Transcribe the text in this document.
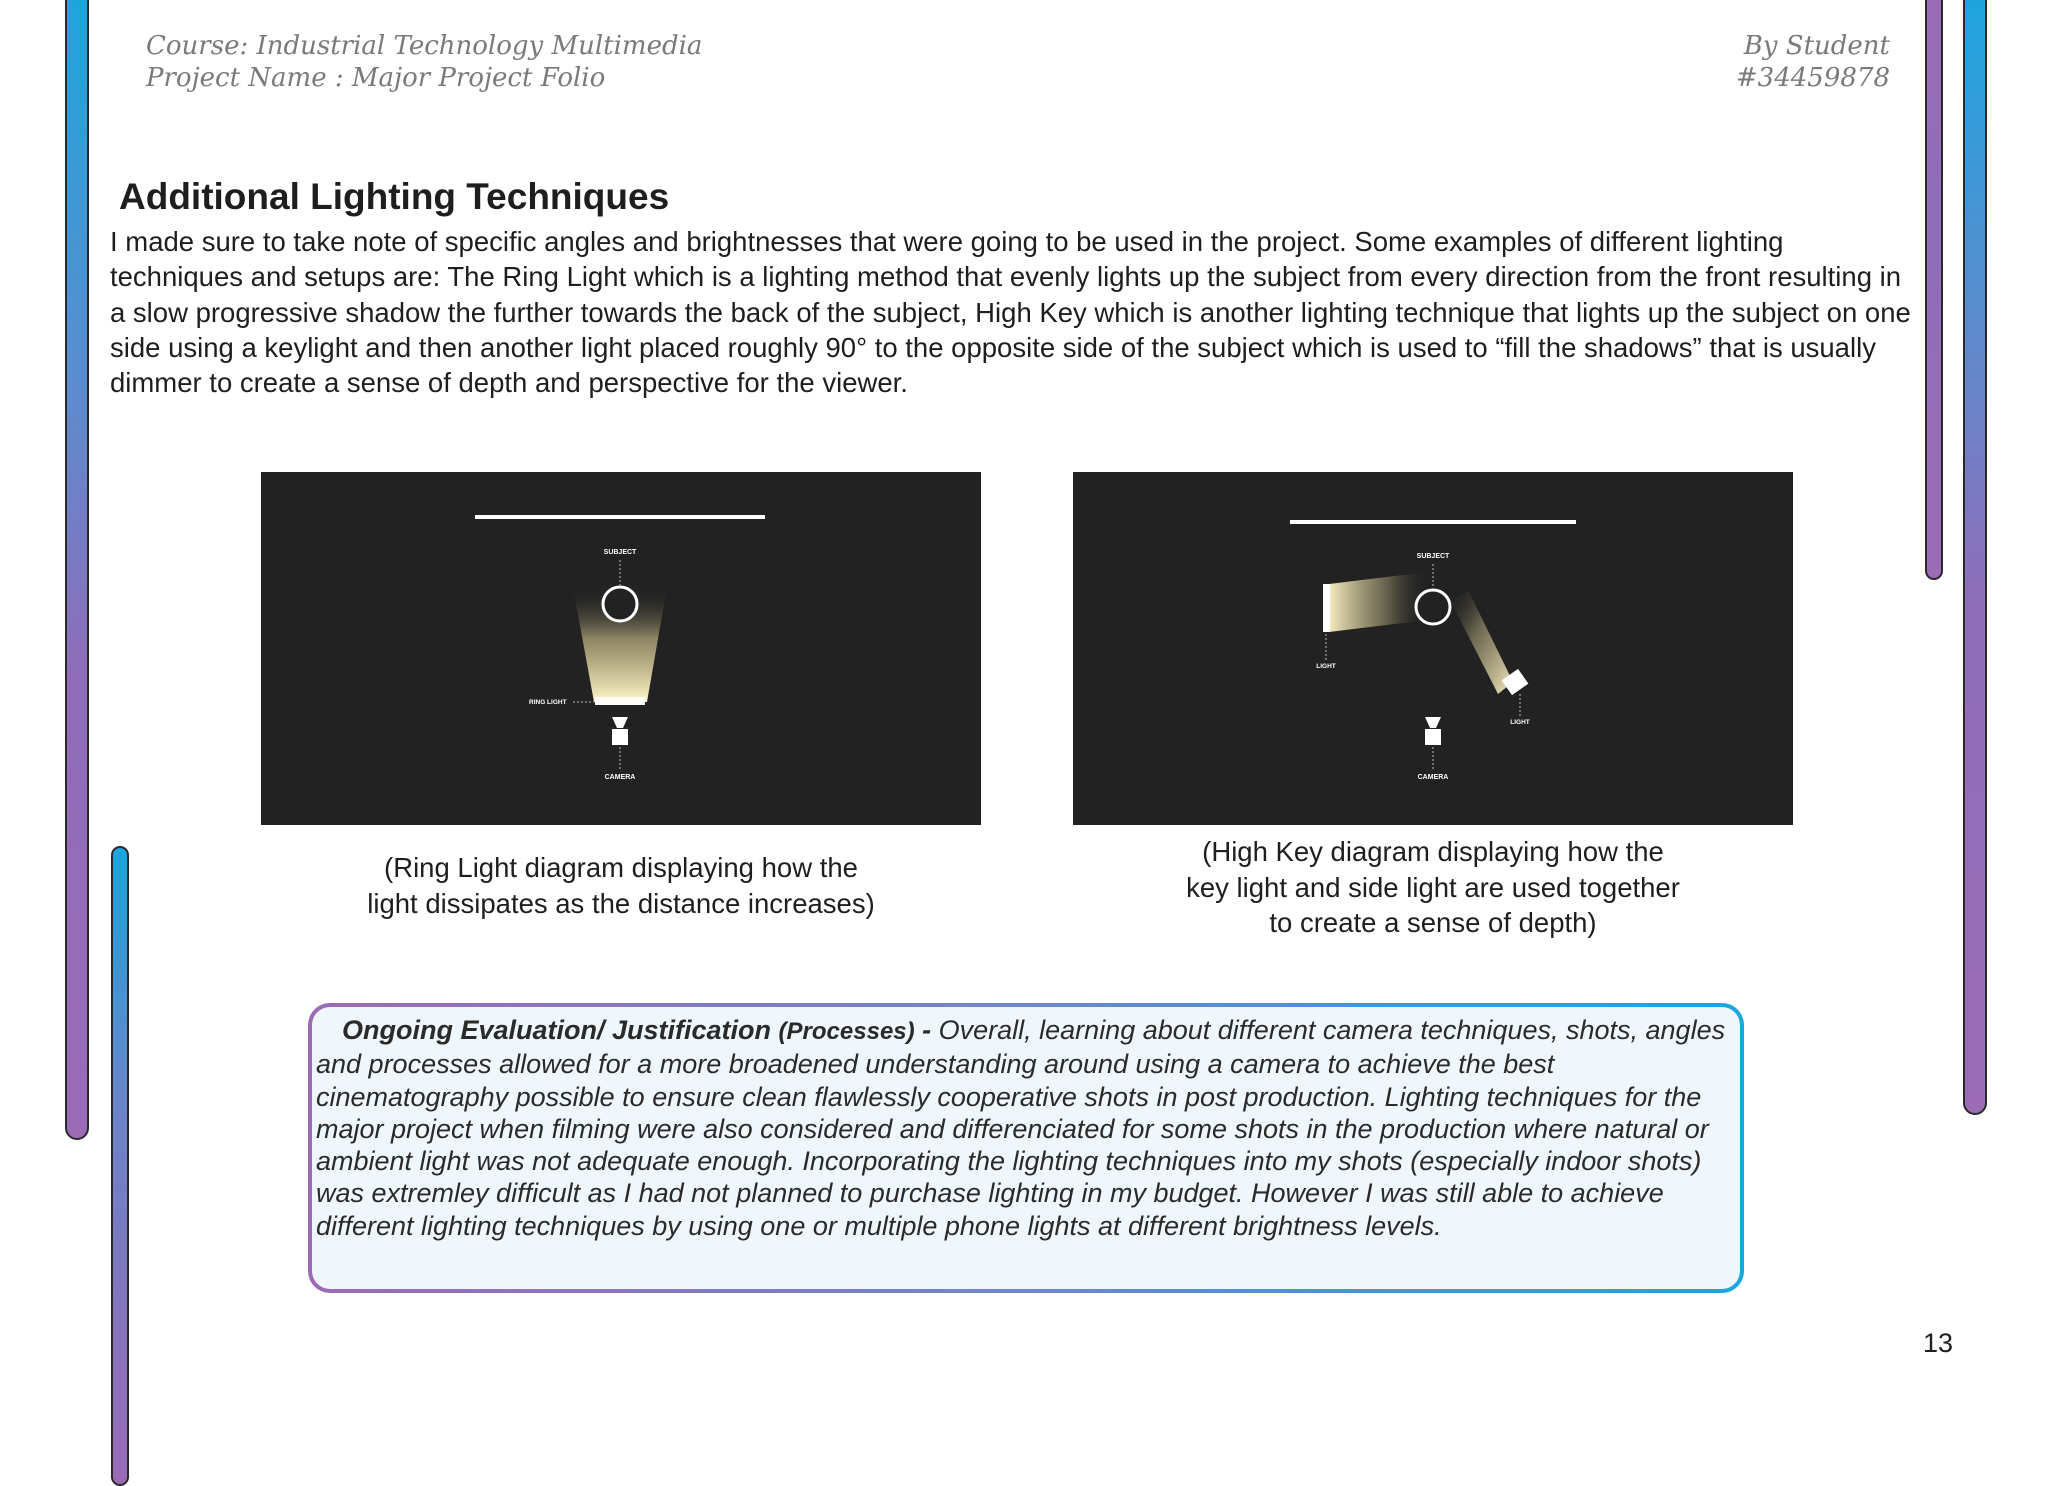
Course: Industrial Technology Multimedia
Project Name : Major Project Folio
By Student
#34459878
Additional Lighting Techniques
I made sure to take note of specific angles and brightnesses that were going to be used in the project. Some examples of different lighting techniques and setups are: The Ring Light which is a lighting method that evenly lights up the subject from every direction from the front resulting in a slow progressive shadow the further towards the back of the subject, High Key which is another lighting technique that lights up the subject on one side using a keylight and then another light placed roughly 90° to the opposite side of the subject which is used to “fill the shadows” that is usually dimmer to create a sense of depth and perspective for the viewer.
SUBJECT
RING LIGHT
CAMERA
SUBJECT
LIGHT
LIGHT
CAMERA
(Ring Light diagram displaying how the
light dissipates as the distance increases)
(High Key diagram displaying how the
key light and side light are used together
to create a sense of depth)
Ongoing Evaluation/ Justification (Processes) - Overall, learning about different camera techniques, shots, angles and processes allowed for a more broadened understanding around using a camera to achieve the best cinematography possible to ensure clean flawlessly cooperative shots in post production. Lighting techniques for the major project when filming were also considered and differenciated for some shots in the production where natural or ambient light was not adequate enough. Incorporating the lighting techniques into my shots (especially indoor shots) was extremley difficult as I had not planned to purchase lighting in my budget. However I was still able to achieve different lighting techniques by using one or multiple phone lights at different brightness levels.
13
